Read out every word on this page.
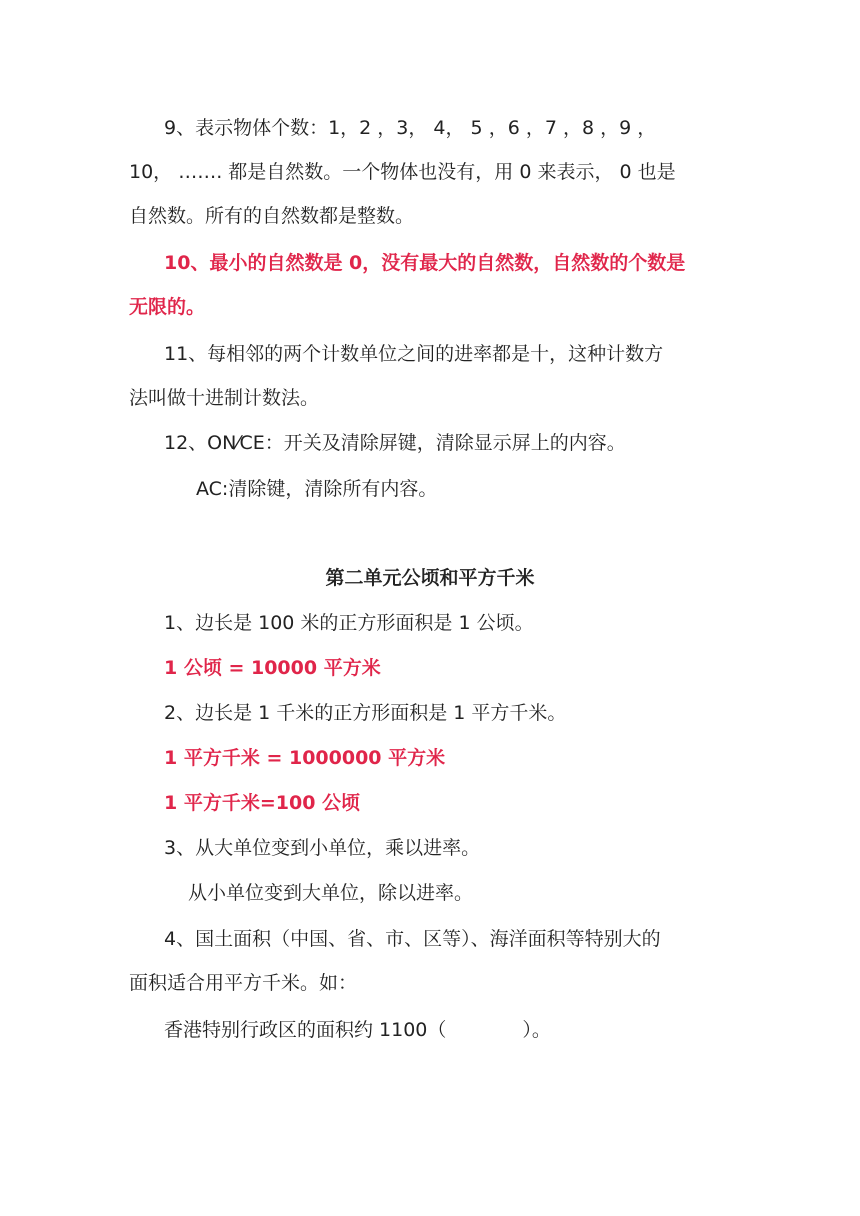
9、表示物体个数：1，2 ，3， 4， 5 ，6 ，7 ，8 ，9 ，
10， ……. 都是自然数。一个物体也没有，用 0 来表示， 0 也是
自然数。所有的自然数都是整数。
10、最小的自然数是 0，没有最大的自然数，自然数的个数是
无限的。
11、每相邻的两个计数单位之间的进率都是十，这种计数方
法叫做十进制计数法。
12、ON⁄CE：开关及清除屏键，清除显示屏上的内容。
AC:清除键，清除所有内容。
第二单元公顷和平方千米
1、边长是 100 米的正方形面积是 1 公顷。
1 公顷 = 10000 平方米
2、边长是 1 千米的正方形面积是 1 平方千米。
1 平方千米 = 1000000 平方米
1 平方千米=100 公顷
3、从大单位变到小单位，乘以进率。
从小单位变到大单位，除以进率。
4、国土面积（中国、省、市、区等）、海洋面积等特别大的
面积适合用平方千米。如：
香港特别行政区的面积约 1100（　　　　）。
